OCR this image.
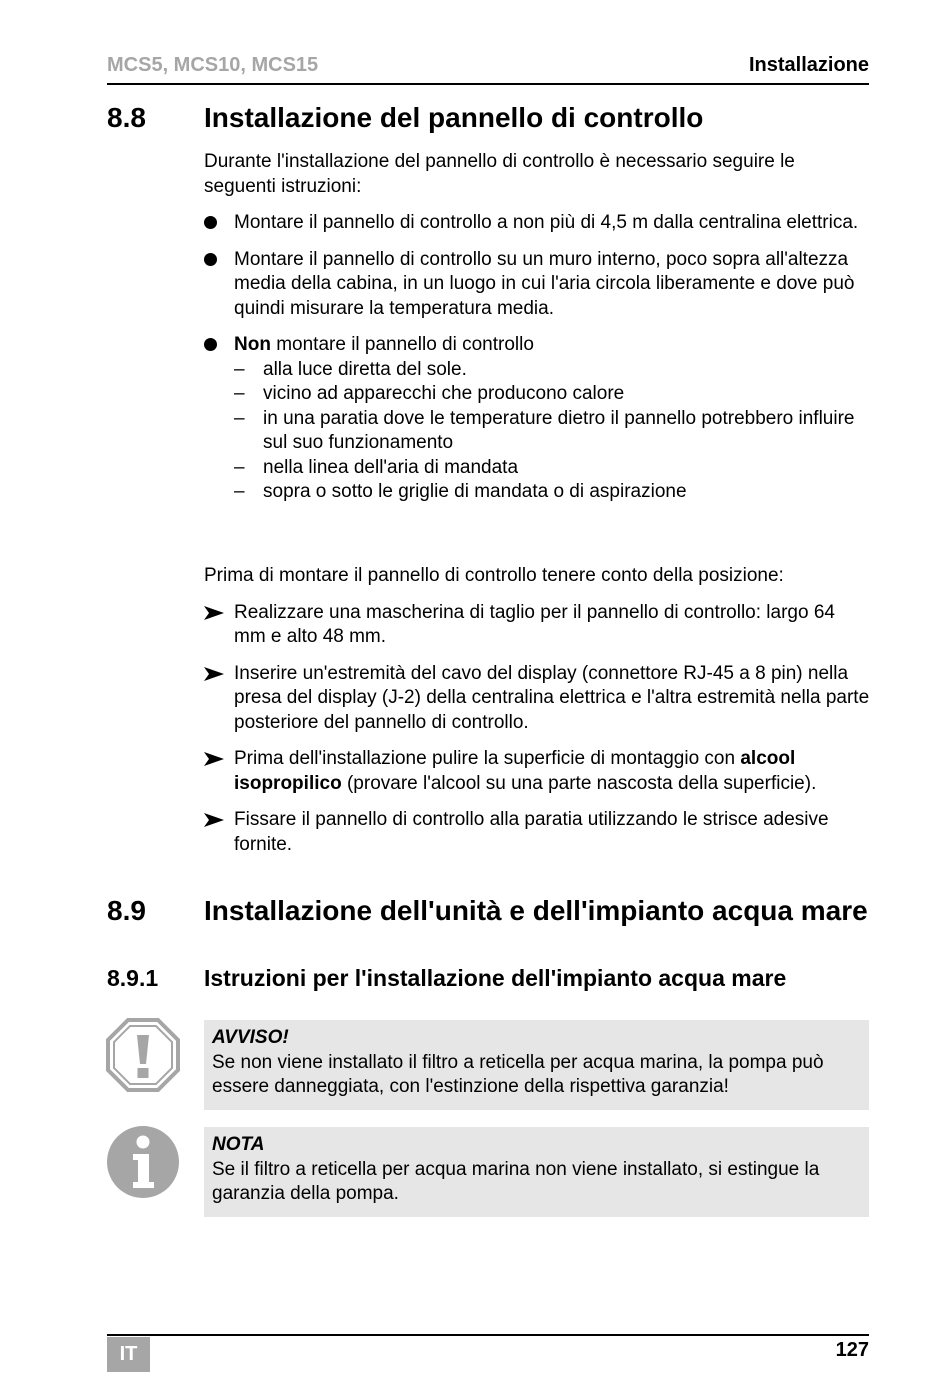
MCS5, MCS10, MCS15	Installazione
8.8 Installazione del pannello di controllo

Durante l'installazione del pannello di controllo è necessario seguire le seguenti istruzioni:

Montare il pannello di controllo a non più di 4,5 m dalla centralina elettrica.
Montare il pannello di controllo su un muro interno, poco sopra all'altezza media della cabina, in un luogo in cui l'aria circola liberamente e dove può quindi misurare la temperatura media.
Non montare il pannello di controllo
– alla luce diretta del sole.
– vicino ad apparecchi che producono calore
– in una paratia dove le temperature dietro il pannello potrebbero influire sul suo funzionamento
– nella linea dell'aria di mandata
– sopra o sotto le griglie di mandata o di aspirazione

Prima di montare il pannello di controllo tenere conto della posizione:

Realizzare una mascherina di taglio per il pannello di controllo: largo 64 mm e alto 48 mm.
Inserire un'estremità del cavo del display (connettore RJ-45 a 8 pin) nella presa del display (J-2) della centralina elettrica e l'altra estremità nella parte posteriore del pannello di controllo.
Prima dell'installazione pulire la superficie di montaggio con alcool isopropilico (provare l'alcool su una parte nascosta della superficie).
Fissare il pannello di controllo alla paratia utilizzando le strisce adesive fornite.
8.9 Installazione dell'unità e dell'impianto acqua mare
8.9.1 Istruzioni per l'installazione dell'impianto acqua mare
AVVISO!
Se non viene installato il filtro a reticella per acqua marina, la pompa può essere danneggiata, con l'estinzione della rispettiva garanzia!
NOTA
Se il filtro a reticella per acqua marina non viene installato, si estingue la garanzia della pompa.
IT	127
